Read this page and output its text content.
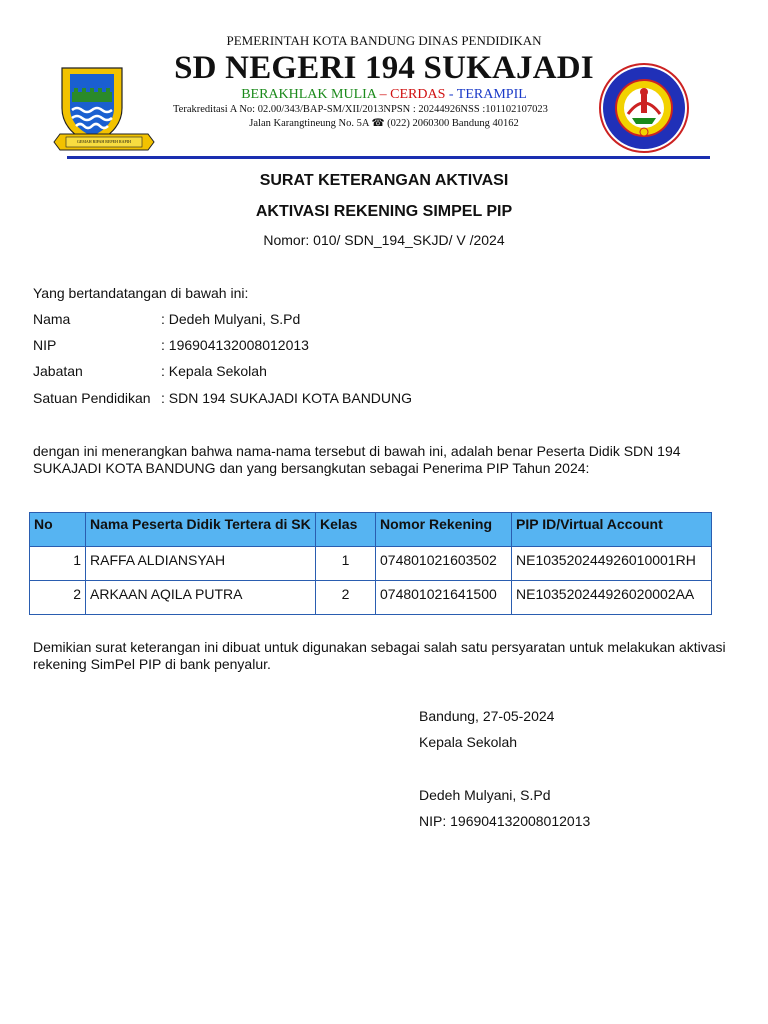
PEMERINTAH KOTA BANDUNG DINAS PENDIDIKAN
SD NEGERI 194 SUKAJADI
BERAKHLAK MULIA – CERDAS - TERAMPIL
Terakreditasi A No: 02.00/343/BAP-SM/XII/2013NPSN : 20244926NSS :101102107023
Jalan Karangtineung No. 5A ☎ (022) 2060300 Bandung 40162
GEMAH RIPAH REPEH RAPIH
SURAT KETERANGAN AKTIVASI
AKTIVASI REKENING SIMPEL PIP
Nomor: 010/ SDN_194_SKJD/ V /2024
Yang bertandatangan di bawah ini:
Nama	: Dedeh Mulyani, S.Pd
NIP	: 196904132008012013
Jabatan	: Kepala Sekolah
Satuan Pendidikan : SDN 194 SUKAJADI KOTA BANDUNG
dengan ini menerangkan bahwa nama-nama tersebut di bawah ini, adalah benar Peserta Didik SDN 194
SUKAJADI KOTA BANDUNG dan yang bersangkutan sebagai Penerima PIP Tahun 2024:
No	Nama Peserta Didik Tertera di SK	Kelas	Nomor Rekening	PIP ID/Virtual Account
1	RAFFA ALDIANSYAH	1	074801021603502	NE103520244926010001RH
2	ARKAAN AQILA PUTRA	2	074801021641500	NE103520244926020002AA
Demikian surat keterangan ini dibuat untuk digunakan sebagai salah satu persyaratan untuk melakukan aktivasi
rekening SimPel PIP di bank penyalur.
Bandung, 27-05-2024
Kepala Sekolah
Dedeh Mulyani, S.Pd
NIP: 196904132008012013
